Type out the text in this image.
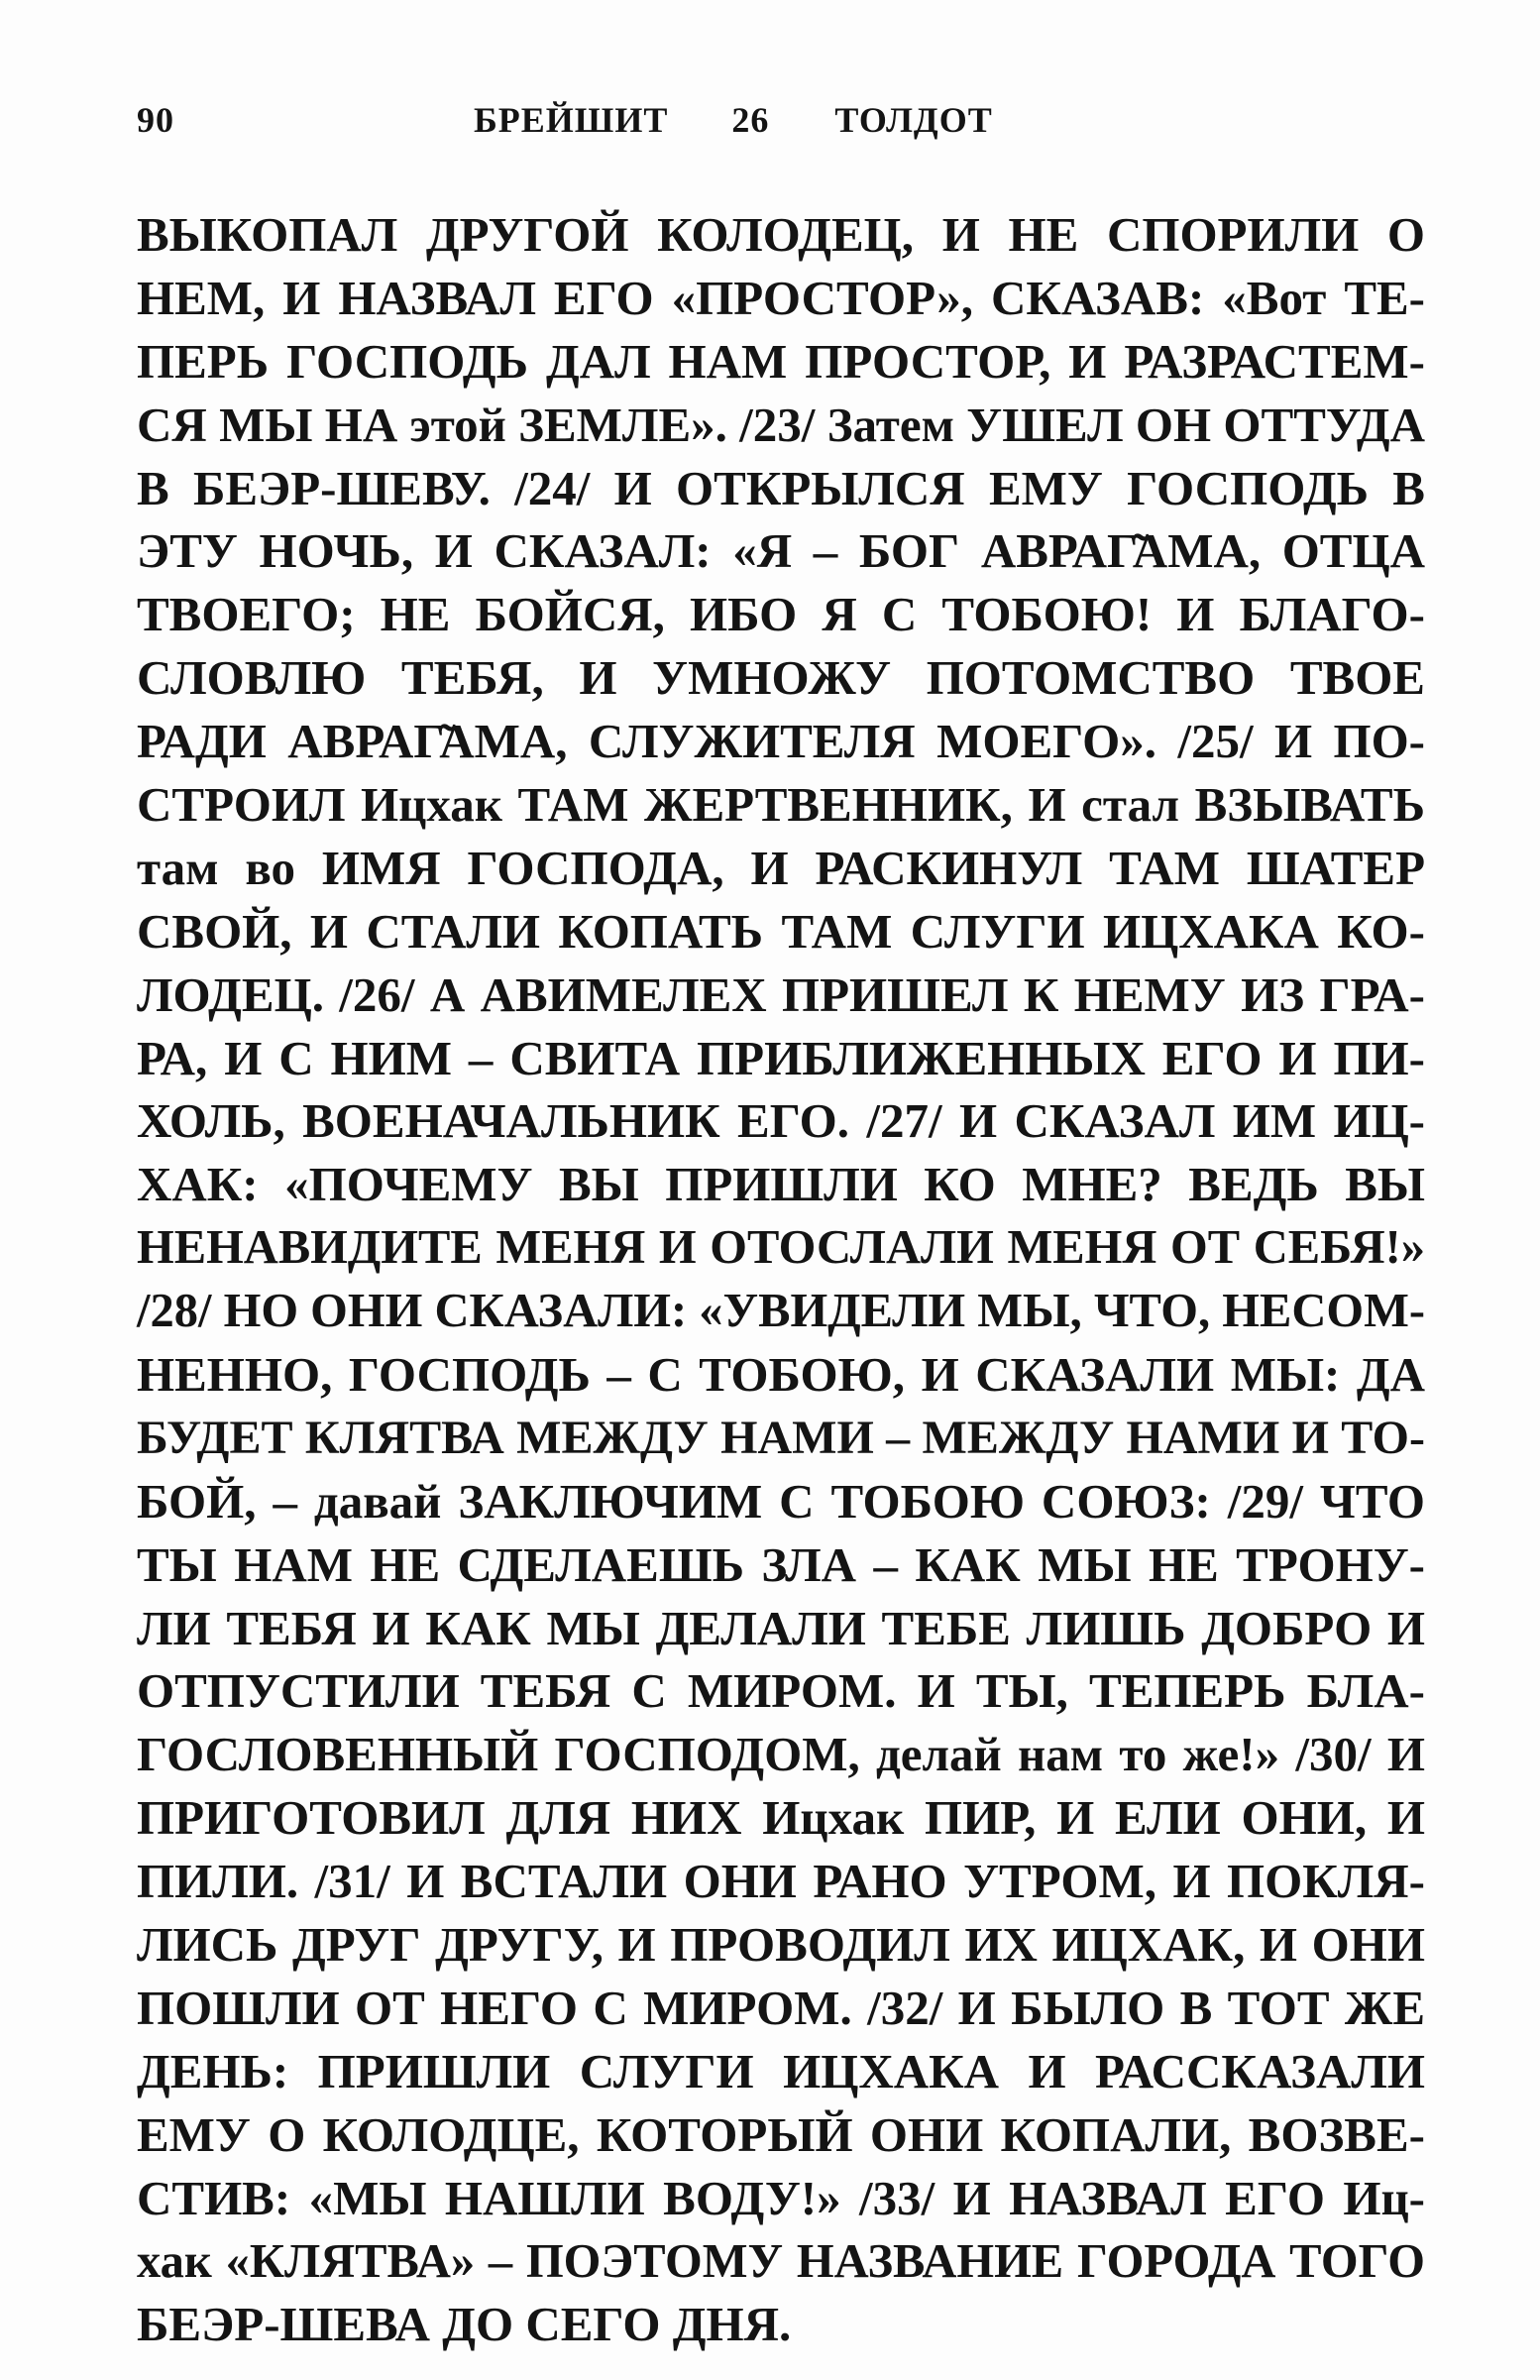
90	БРЕЙШИТ 26 ТОЛДОТ
ВЫКОПАЛ ДРУГОЙ КОЛОДЕЦ, И НЕ СПОРИЛИ О
НЕМ, И НАЗВАЛ ЕГО «ПРОСТОР», СКАЗАВ: «Вот ТЕ-
ПЕРЬ ГОСПОДЬ ДАЛ НАМ ПРОСТОР, И РАЗРАСТЕМ-
СЯ МЫ НА этой ЗЕМЛЕ». /23/ Затем УШЕЛ ОН ОТТУДА
В БЕЭР-ШЕВУ. /24/ И ОТКРЫЛСЯ ЕМУ ГОСПОДЬ В
ЭТУ НОЧЬ, И СКАЗАЛ: «Я – БОГ АВРАГ̃АМА, ОТЦА
ТВОЕГО; НЕ БОЙСЯ, ИБО Я С ТОБОЮ! И БЛАГО-
СЛОВЛЮ ТЕБЯ, И УМНОЖУ ПОТОМСТВО ТВОЕ
РАДИ АВРАГ̃АМА, СЛУЖИТЕЛЯ МОЕГО». /25/ И ПО-
СТРОИЛ Ицхак ТАМ ЖЕРТВЕННИК, И стал ВЗЫВАТЬ
там во ИМЯ ГОСПОДА, И РАСКИНУЛ ТАМ ШАТЕР
СВОЙ, И СТАЛИ КОПАТЬ ТАМ СЛУГИ ИЦХАКА КО-
ЛОДЕЦ. /26/ А АВИМЕЛЕХ ПРИШЕЛ К НЕМУ ИЗ ГРА-
РА, И С НИМ – СВИТА ПРИБЛИЖЕННЫХ ЕГО И ПИ-
ХОЛЬ, ВОЕНАЧАЛЬНИК ЕГО. /27/ И СКАЗАЛ ИМ ИЦ-
ХАК: «ПОЧЕМУ ВЫ ПРИШЛИ КО МНЕ? ВЕДЬ ВЫ
НЕНАВИДИТЕ МЕНЯ И ОТОСЛАЛИ МЕНЯ ОТ СЕБЯ!»
/28/ НО ОНИ СКАЗАЛИ: «УВИДЕЛИ МЫ, ЧТО, НЕСОМ-
НЕННО, ГОСПОДЬ – С ТОБОЮ, И СКАЗАЛИ МЫ: ДА
БУДЕТ КЛЯТВА МЕЖДУ НАМИ – МЕЖДУ НАМИ И ТО-
БОЙ, – давай ЗАКЛЮЧИМ С ТОБОЮ СОЮЗ: /29/ ЧТО
ТЫ НАМ НЕ СДЕЛАЕШЬ ЗЛА – КАК МЫ НЕ ТРОНУ-
ЛИ ТЕБЯ И КАК МЫ ДЕЛАЛИ ТЕБЕ ЛИШЬ ДОБРО И
ОТПУСТИЛИ ТЕБЯ С МИРОМ. И ТЫ, ТЕПЕРЬ БЛА-
ГОСЛОВЕННЫЙ ГОСПОДОМ, делай нам то же!» /30/ И
ПРИГОТОВИЛ ДЛЯ НИХ Ицхак ПИР, И ЕЛИ ОНИ, И
ПИЛИ. /31/ И ВСТАЛИ ОНИ РАНО УТРОМ, И ПОКЛЯ-
ЛИСЬ ДРУГ ДРУГУ, И ПРОВОДИЛ ИХ ИЦХАК, И ОНИ
ПОШЛИ ОТ НЕГО С МИРОМ. /32/ И БЫЛО В ТОТ ЖЕ
ДЕНЬ: ПРИШЛИ СЛУГИ ИЦХАКА И РАССКАЗАЛИ
ЕМУ О КОЛОДЦЕ, КОТОРЫЙ ОНИ КОПАЛИ, ВОЗВЕ-
СТИВ: «МЫ НАШЛИ ВОДУ!» /33/ И НАЗВАЛ ЕГО Иц-
хак «КЛЯТВА» – ПОЭТОМУ НАЗВАНИЕ ГОРОДА ТОГО
БЕЭР-ШЕВА ДО СЕГО ДНЯ.
